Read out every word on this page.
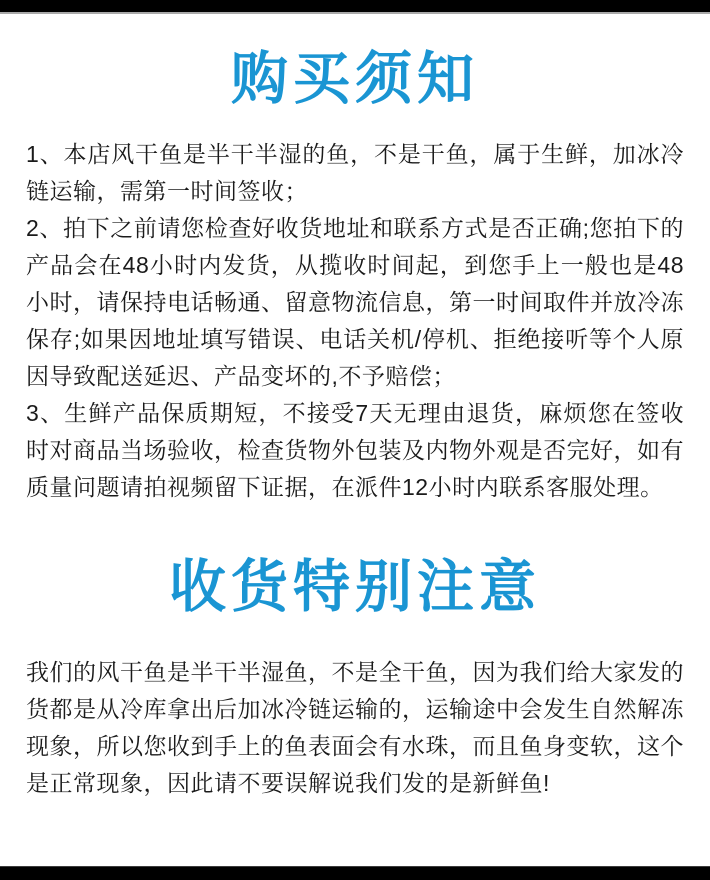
购买须知

1、本店风干鱼是半干半湿的鱼，不是干鱼，属于生鲜，加冰冷链运输，需第一时间签收；

2、拍下之前请您检查好收货地址和联系方式是否正确;您拍下的产品会在48小时内发货，从揽收时间起，到您手上一般也是48小时，请保持电话畅通、留意物流信息，第一时间取件并放冷冻保存;如果因地址填写错误、电话关机/停机、拒绝接听等个人原因导致配送延迟、产品变坏的,不予赔偿；

3、生鲜产品保质期短，不接受7天无理由退货，麻烦您在签收时对商品当场验收，检查货物外包装及内物外观是否完好，如有质量问题请拍视频留下证据，在派件12小时内联系客服处理。

收货特别注意

我们的风干鱼是半干半湿鱼，不是全干鱼，因为我们给大家发的货都是从冷库拿出后加冰冷链运输的，运输途中会发生自然解冻现象，所以您收到手上的鱼表面会有水珠，而且鱼身变软，这个是正常现象，因此请不要误解说我们发的是新鲜鱼!
